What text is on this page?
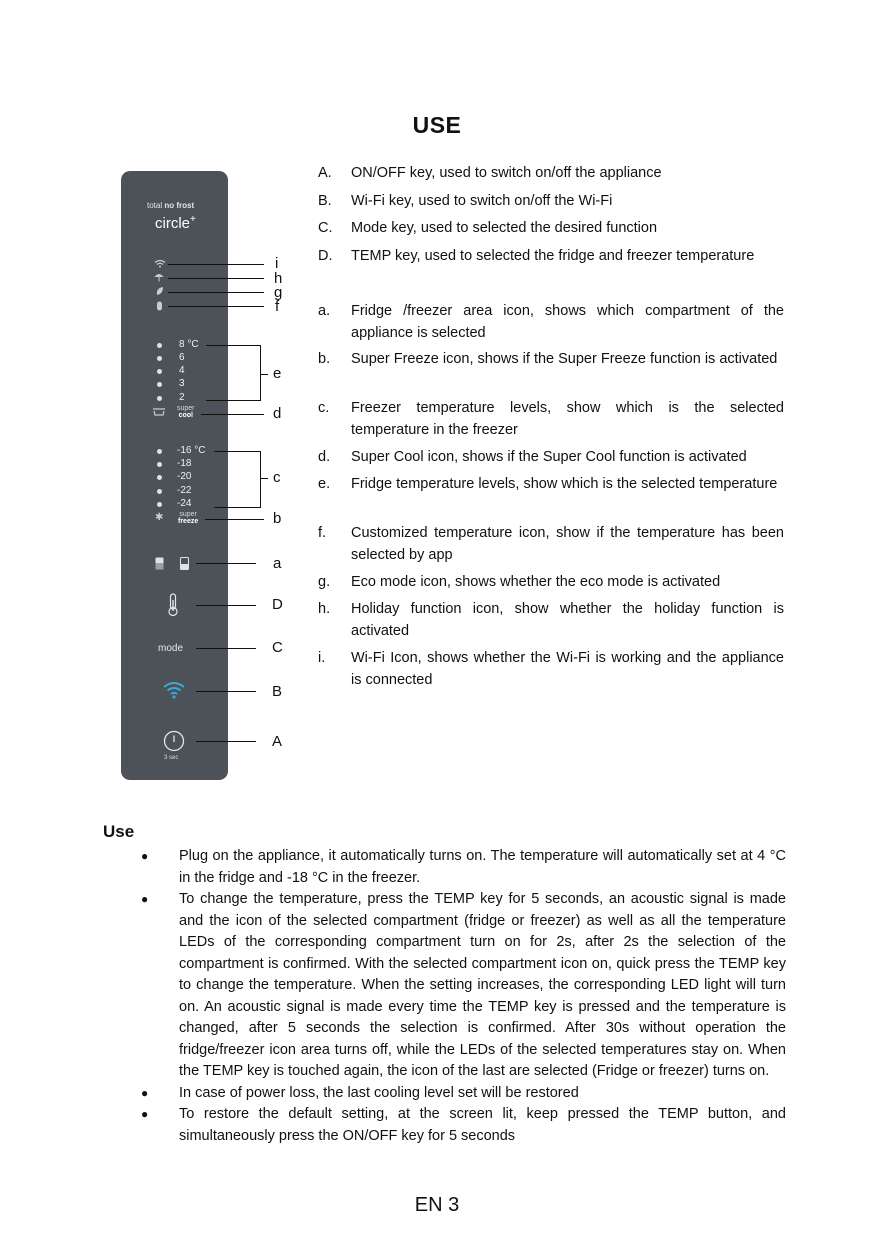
USE
total no frost
circle+
8 °C
6
4
3
2
super
cool
-16 °C
-18
-20
-22
-24
✱ super
freeze
mode
3 sec
i
h
g
f
e
d
c
b
a
D
C
B
A
A. ON/OFF key, used to switch on/off the appliance
B. Wi-Fi key, used to switch on/off the Wi-Fi
C. Mode key, used to selected the desired function
D. TEMP key, used to selected the fridge and freezer temperature
a. Fridge /freezer area icon, shows which compartment of the appliance is selected
b. Super Freeze icon, shows if the Super Freeze function is activated
c. Freezer temperature levels, show which is the selected temperature in the freezer
d. Super Cool icon, shows if the Super Cool function is activated
e. Fridge temperature levels, show which is the selected temperature
f. Customized temperature icon, show if the temperature has been selected by app
g. Eco mode icon, shows whether the eco mode is activated
h. Holiday function icon, show whether the holiday function is activated
i. Wi-Fi Icon, shows whether the Wi-Fi is working and the appliance is connected
Use
● Plug on the appliance, it automatically turns on. The temperature will automatically set at 4 °C in the fridge and -18 °C in the freezer.
● To change the temperature, press the TEMP key for 5 seconds, an acoustic signal is made and the icon of the selected compartment (fridge or freezer) as well as all the temperature LEDs of the corresponding compartment turn on for 2s, after 2s the selection of the compartment is confirmed. With the selected compartment icon on, quick press the TEMP key to change the temperature. When the setting increases, the corresponding LED light will turn on. An acoustic signal is made every time the TEMP key is pressed and the temperature is changed, after 5 seconds the selection is confirmed. After 30s without operation the fridge/freezer icon area turns off, while the LEDs of the selected temperatures stay on. When the TEMP key is touched again, the icon of the last are selected (Fridge or freezer) turns on.
● In case of power loss, the last cooling level set will be restored
● To restore the default setting, at the screen lit, keep pressed the TEMP button, and simultaneously press the ON/OFF key for 5 seconds
EN 3
